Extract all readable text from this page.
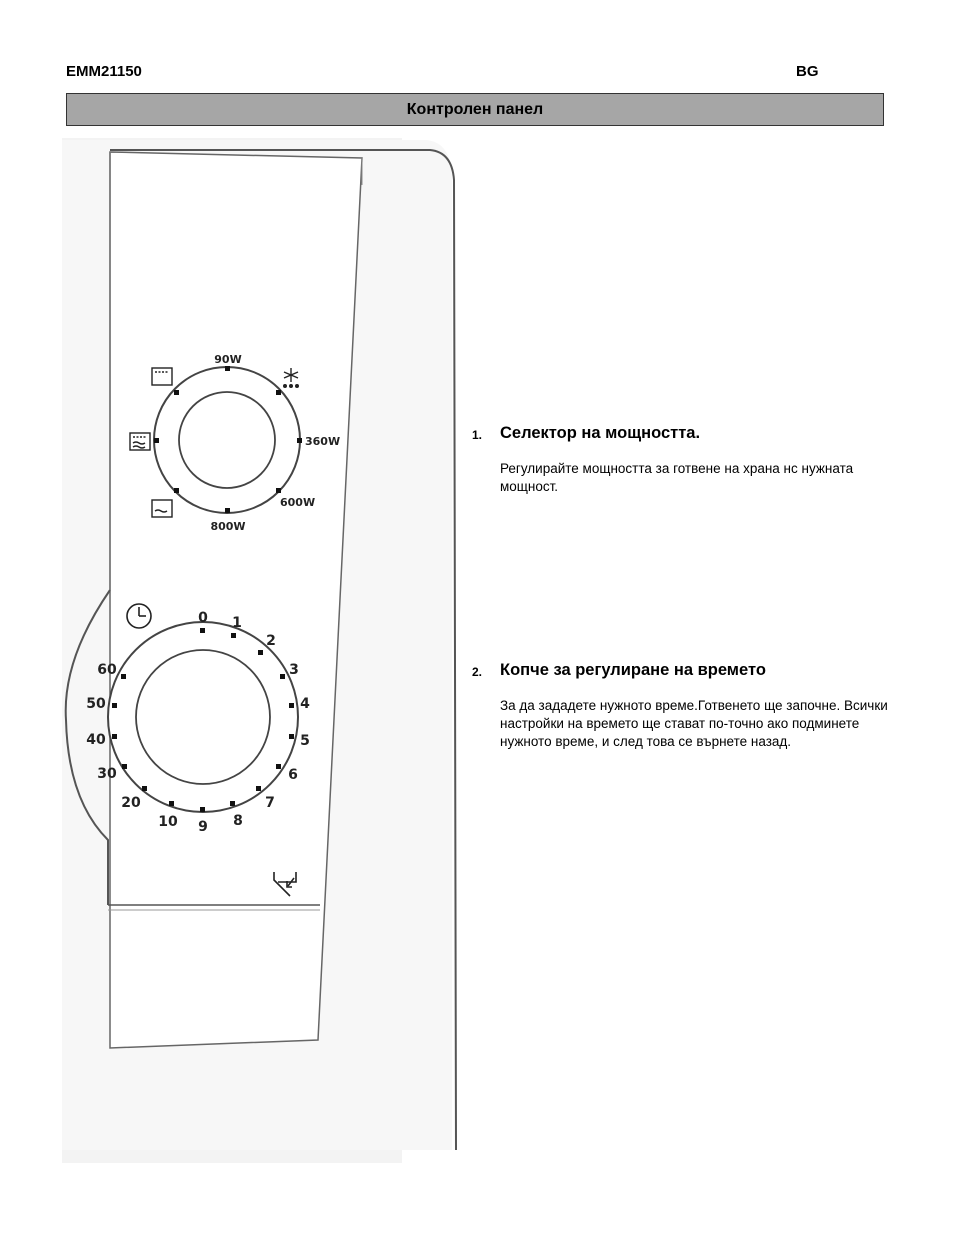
EMM21150	BG
Контролен панел
90W
360W
600W
800W
0 1
2
3
4
5
6
7
8
9
10
20
30
40
50
60
1. Селектор на мощността.
Регулирайте мощността за готвене на храна нс нужната мощност.
2. Копче за регулиране на времето
За да зададете нужното време.Готвенето ще започне. Всички настройки на времето ще стават по-точно ако подминете нужното време, и след това се върнете назад.
